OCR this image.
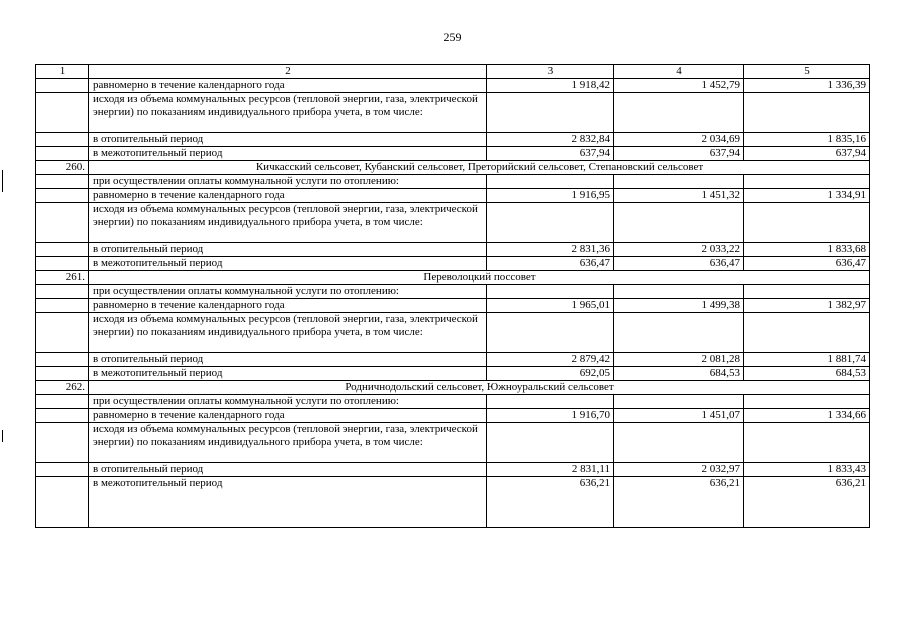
259
1	2	3	4	5
	равномерно в течение календарного года	1 918,42	1 452,79	1 336,39
	исходя из объема коммунальных ресурсов (тепловой энергии, газа, электрической энергии) по показаниям индивидуального прибора учета, в том числе:			
	в отопительный период	2 832,84	2 034,69	1 835,16
	в межотопительный период	637,94	637,94	637,94
260.	Кичкасский сельсовет, Кубанский сельсовет, Преторийский сельсовет, Степановский сельсовет			
	при осуществлении оплаты коммунальной услуги по отоплению:			
	равномерно в течение календарного года	1 916,95	1 451,32	1 334,91
	исходя из объема коммунальных ресурсов (тепловой энергии, газа, электрической энергии) по показаниям индивидуального прибора учета, в том числе:			
	в отопительный период	2 831,36	2 033,22	1 833,68
	в межотопительный период	636,47	636,47	636,47
261.	Переволоцкий поссовет			
	при осуществлении оплаты коммунальной услуги по отоплению:			
	равномерно в течение календарного года	1 965,01	1 499,38	1 382,97
	исходя из объема коммунальных ресурсов (тепловой энергии, газа, электрической энергии) по показаниям индивидуального прибора учета, в том числе:			
	в отопительный период	2 879,42	2 081,28	1 881,74
	в межотопительный период	692,05	684,53	684,53
262.	Родничнодольский сельсовет, Южноуральский сельсовет			
	при осуществлении оплаты коммунальной услуги по отоплению:			
	равномерно в течение календарного года	1 916,70	1 451,07	1 334,66
	исходя из объема коммунальных ресурсов (тепловой энергии, газа, электрической энергии) по показаниям индивидуального прибора учета, в том числе:			
	в отопительный период	2 831,11	2 032,97	1 833,43
	в межотопительный период	636,21	636,21	636,21
